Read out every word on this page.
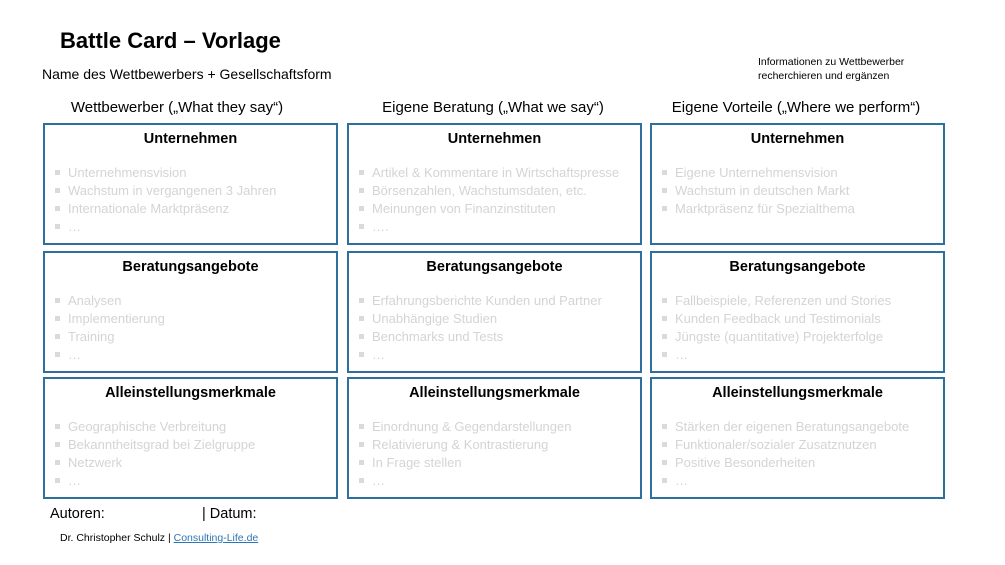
Battle Card – Vorlage
Name des Wettbewerbers + Gesellschaftsform
Informationen zu Wettbewerber recherchieren und ergänzen
Wettbewerber („What they say“)	Eigene Beratung („What we say“)	Eigene Vorteile („Where we perform“)
Unternehmen
Unternehmensvision
Wachstum in vergangenen 3 Jahren
Internationale Marktpräsenz
…
Beratungsangebote
Analysen
Implementierung
Training
…
Alleinstellungsmerkmale
Geographische Verbreitung
Bekanntheitsgrad bei Zielgruppe
Netzwerk
…
Unternehmen
Artikel & Kommentare in Wirtschaftspresse
Börsenzahlen, Wachstumsdaten, etc.
Meinungen von Finanzinstituten
….
Beratungsangebote
Erfahrungsberichte Kunden und Partner
Unabhängige Studien
Benchmarks und Tests
…
Alleinstellungsmerkmale
Einordnung & Gegendarstellungen
Relativierung & Kontrastierung
In Frage stellen
…
Unternehmen
Eigene Unternehmensvision
Wachstum in deutschen Markt
Marktpräsenz für Spezialthema
Beratungsangebote
Fallbeispiele, Referenzen und Stories
Kunden Feedback und Testimonials
Jüngste (quantitative) Projekterfolge
…
Alleinstellungsmerkmale
Stärken der eigenen Beratungsangebote
Funktionaler/sozialer Zusatznutzen
Positive Besonderheiten
…
Autoren:	| Datum:
Dr. Christopher Schulz | Consulting-Life.de
